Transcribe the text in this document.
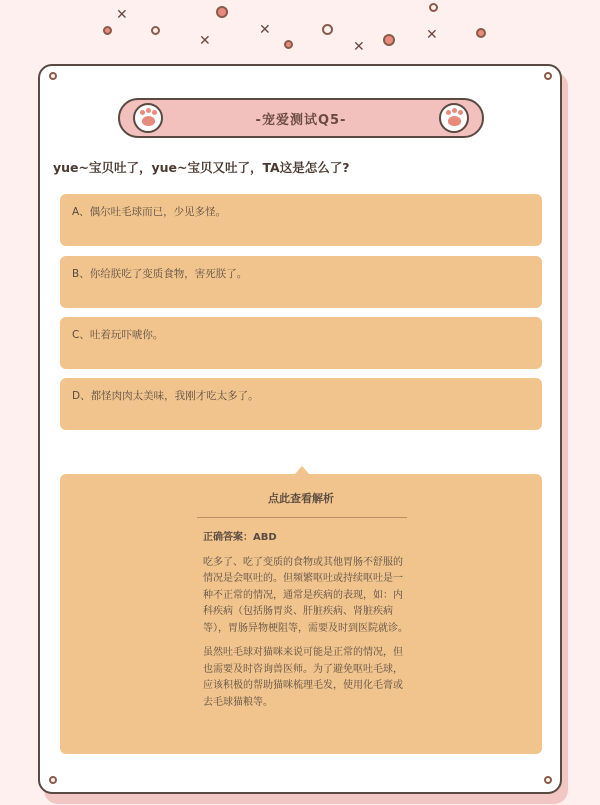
✕
✕
✕
✕
✕
-宠爱测试Q5-
yue~宝贝吐了，yue~宝贝又吐了，TA这是怎么了?
A、偶尔吐毛球而已，少见多怪。
B、你给朕吃了变质食物，害死朕了。
C、吐着玩吓唬你。
D、都怪肉肉太美味，我刚才吃太多了。
点此查看解析
正确答案：ABD

吃多了、吃了变质的食物或其他胃肠不舒服的情况是会呕吐的。但频繁呕吐或持续呕吐是一种不正常的情况，通常是疾病的表现，如：内科疾病（包括肠胃炎、肝脏疾病、肾脏疾病等），胃肠异物梗阻等，需要及时到医院就诊。

虽然吐毛球对猫咪来说可能是正常的情况，但也需要及时咨询兽医师。为了避免呕吐毛球，应该积极的帮助猫咪梳理毛发，使用化毛膏或去毛球猫粮等。
